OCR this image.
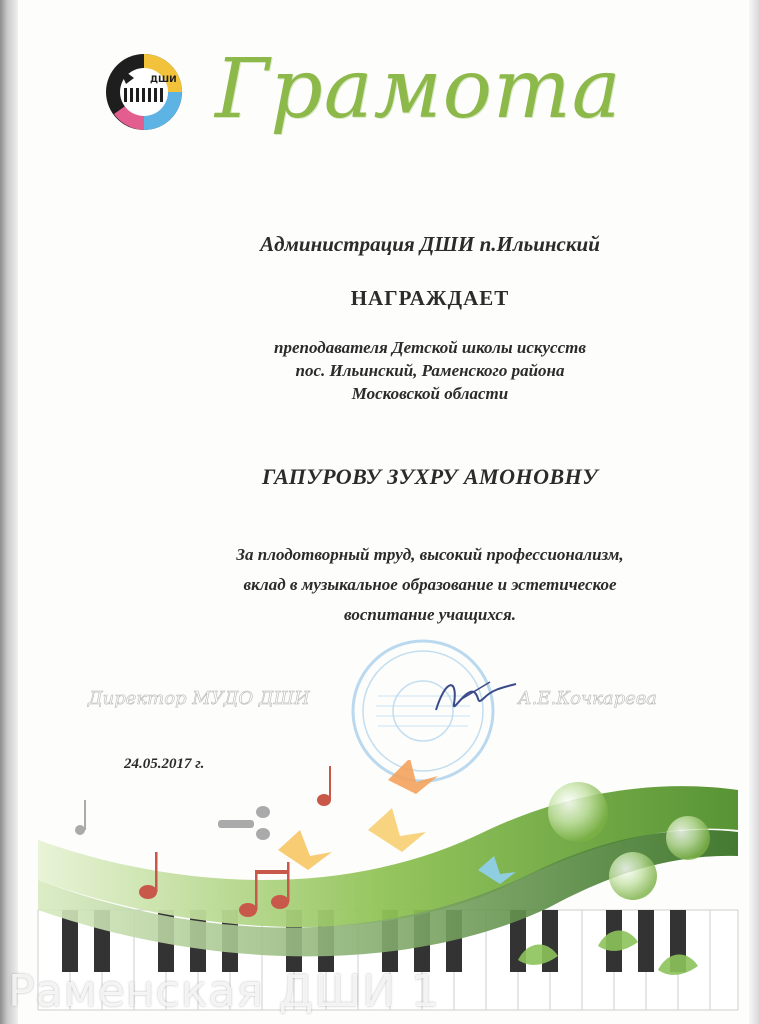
ДШИ Грамота
Администрация ДШИ п.Ильинский
НАГРАЖДАЕТ
преподавателя Детской школы искусств
пос. Ильинский, Раменского района
Московской области
ГАПУРОВУ ЗУХРУ АМОНОВНУ
За плодотворный труд, высокий профессионализм,
вклад в музыкальное образование и эстетическое
воспитание учащихся.
Директор МУДО ДШИ	А.Е.Кочкарева
24.05.2017 г.
Раменская ДШИ 1
